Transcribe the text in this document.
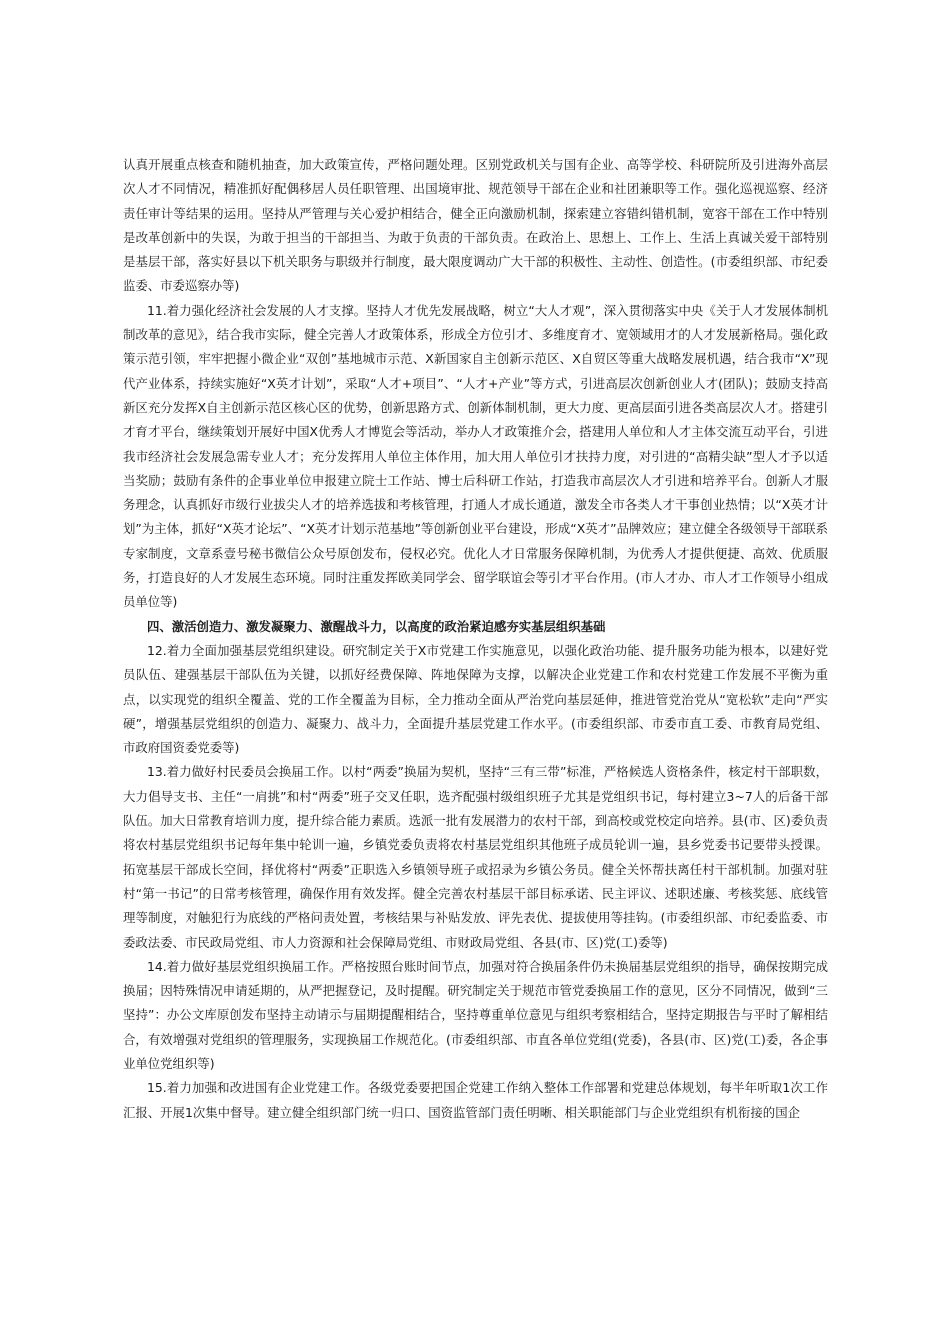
认真开展重点核查和随机抽查，加大政策宣传，严格问题处理。区别党政机关与国有企业、高等学校、科研院所及引进海外高层次人才不同情况，精准抓好配偶移居人员任职管理、出国境审批、规范领导干部在企业和社团兼职等工作。强化巡视巡察、经济责任审计等结果的运用。坚持从严管理与关心爱护相结合，健全正向激励机制，探索建立容错纠错机制，宽容干部在工作中特别是改革创新中的失误，为敢于担当的干部担当、为敢于负责的干部负责。在政治上、思想上、工作上、生活上真诚关爱干部特别是基层干部，落实好县以下机关职务与职级并行制度，最大限度调动广大干部的积极性、主动性、创造性。(市委组织部、市纪委监委、市委巡察办等)

11.着力强化经济社会发展的人才支撑。坚持人才优先发展战略，树立“大人才观”，深入贯彻落实中央《关于人才发展体制机制改革的意见》，结合我市实际，健全完善人才政策体系，形成全方位引才、多维度育才、宽领域用才的人才发展新格局。强化政策示范引领，牢牢把握小微企业“双创”基地城市示范、X新国家自主创新示范区、X自贸区等重大战略发展机遇，结合我市“X”现代产业体系，持续实施好“X英才计划”，采取“人才+项目”、“人才+产业”等方式，引进高层次创新创业人才(团队)；鼓励支持高新区充分发挥X自主创新示范区核心区的优势，创新思路方式、创新体制机制，更大力度、更高层面引进各类高层次人才。搭建引才育才平台，继续策划开展好中国X优秀人才博览会等活动，举办人才政策推介会，搭建用人单位和人才主体交流互动平台，引进我市经济社会发展急需专业人才；充分发挥用人单位主体作用，加大用人单位引才扶持力度，对引进的“高精尖缺”型人才予以适当奖励；鼓励有条件的企事业单位申报建立院士工作站、博士后科研工作站，打造我市高层次人才引进和培养平台。创新人才服务理念，认真抓好市级行业拔尖人才的培养选拔和考核管理，打通人才成长通道，激发全市各类人才干事创业热情；以“X英才计划”为主体，抓好“X英才论坛”、“X英才计划示范基地”等创新创业平台建设，形成“X英才”品牌效应；建立健全各级领导干部联系专家制度，文章系壹号秘书微信公众号原创发布，侵权必究。优化人才日常服务保障机制，为优秀人才提供便捷、高效、优质服务，打造良好的人才发展生态环境。同时注重发挥欧美同学会、留学联谊会等引才平台作用。(市人才办、市人才工作领导小组成员单位等)

四、激活创造力、激发凝聚力、激醒战斗力，以高度的政治紧迫感夯实基层组织基础

12.着力全面加强基层党组织建设。研究制定关于X市党建工作实施意见，以强化政治功能、提升服务功能为根本，以建好党员队伍、建强基层干部队伍为关键，以抓好经费保障、阵地保障为支撑，以解决企业党建工作和农村党建工作发展不平衡为重点，以实现党的组织全覆盖、党的工作全覆盖为目标，全力推动全面从严治党向基层延伸，推进管党治党从“宽松软”走向“严实硬”，增强基层党组织的创造力、凝聚力、战斗力，全面提升基层党建工作水平。(市委组织部、市委市直工委、市教育局党组、市政府国资委党委等)

13.着力做好村民委员会换届工作。以村“两委”换届为契机，坚持“三有三带”标准，严格候选人资格条件，核定村干部职数，大力倡导支书、主任“一肩挑”和村“两委”班子交叉任职，选齐配强村级组织班子尤其是党组织书记，每村建立3~7人的后备干部队伍。加大日常教育培训力度，提升综合能力素质。选派一批有发展潜力的农村干部，到高校或党校定向培养。县(市、区)委负责将农村基层党组织书记每年集中轮训一遍，乡镇党委负责将农村基层党组织其他班子成员轮训一遍，县乡党委书记要带头授课。拓宽基层干部成长空间，择优将村“两委”正职选入乡镇领导班子或招录为乡镇公务员。健全关怀帮扶离任村干部机制。加强对驻村“第一书记”的日常考核管理，确保作用有效发挥。健全完善农村基层干部目标承诺、民主评议、述职述廉、考核奖惩、底线管理等制度，对触犯行为底线的严格问责处置，考核结果与补贴发放、评先表优、提拔使用等挂钩。(市委组织部、市纪委监委、市委政法委、市民政局党组、市人力资源和社会保障局党组、市财政局党组、各县(市、区)党(工)委等)

14.着力做好基层党组织换届工作。严格按照台账时间节点，加强对符合换届条件仍未换届基层党组织的指导，确保按期完成换届；因特殊情况申请延期的，从严把握登记，及时提醒。研究制定关于规范市管党委换届工作的意见，区分不同情况，做到“三坚持”：办公文库原创发布坚持主动请示与届期提醒相结合，坚持尊重单位意见与组织考察相结合，坚持定期报告与平时了解相结合，有效增强对党组织的管理服务，实现换届工作规范化。(市委组织部、市直各单位党组(党委)，各县(市、区)党(工)委，各企事业单位党组织等)

15.着力加强和改进国有企业党建工作。各级党委要把国企党建工作纳入整体工作部署和党建总体规划，每半年听取1次工作汇报、开展1次集中督导。建立健全组织部门统一归口、国资监管部门责任明晰、相关职能部门与企业党组织有机衔接的国企
